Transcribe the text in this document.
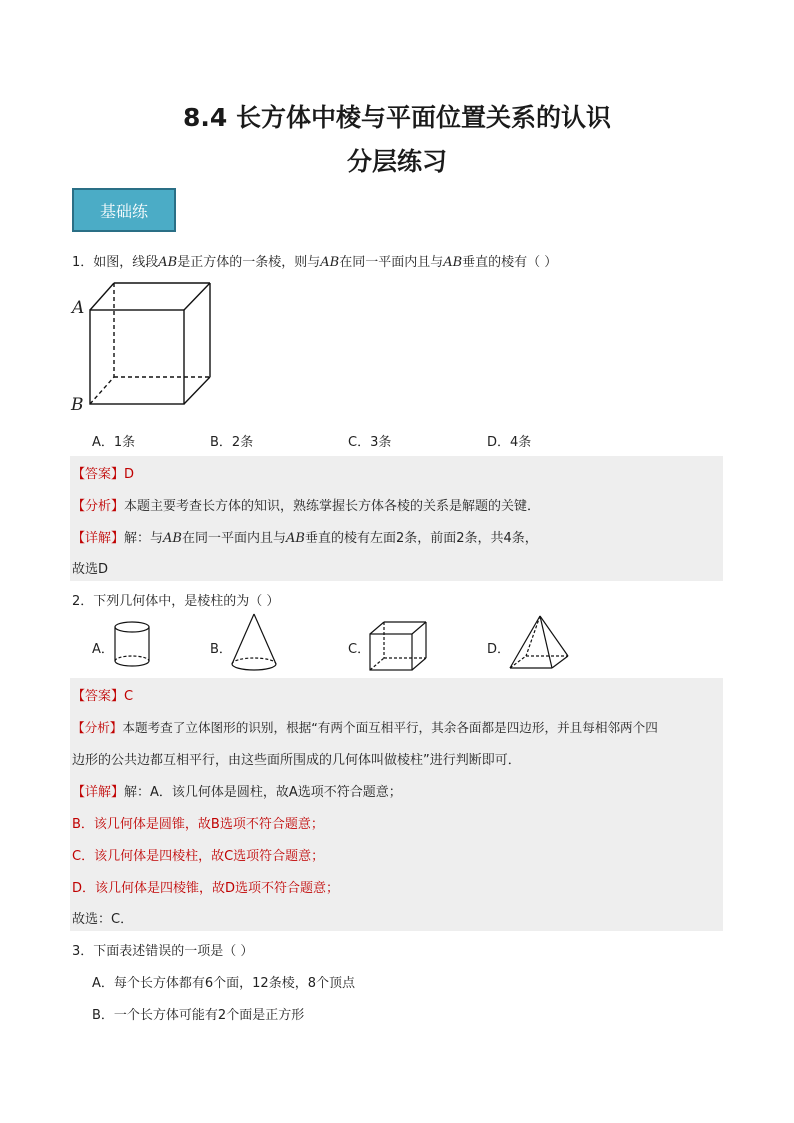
8.4 长方体中棱与平面位置关系的认识
分层练习
基础练
1．如图，线段AB是正方体的一条棱，则与AB在同一平面内且与AB垂直的棱有（ ）
A
B
A．1条	B．2条	C．3条	D．4条
【答案】D
【分析】本题主要考查长方体的知识，熟练掌握长方体各棱的关系是解题的关键．
【详解】解：与AB在同一平面内且与AB垂直的棱有左面2条，前面2条，共4条，
故选D
2．下列几何体中，是棱柱的为（ ）
A．	B．	C．	D．
【答案】C
【分析】本题考查了立体图形的识别，根据“有两个面互相平行，其余各面都是四边形，并且每相邻两个四
边形的公共边都互相平行，由这些面所围成的几何体叫做棱柱”进行判断即可．
【详解】解：A．该几何体是圆柱，故A选项不符合题意；
B．该几何体是圆锥，故B选项不符合题意；
C．该几何体是四棱柱，故C选项符合题意；
D．该几何体是四棱锥，故D选项不符合题意；
故选：C．
3．下面表述错误的一项是（ ）
A．每个长方体都有6个面，12条棱，8个顶点
B．一个长方体可能有2个面是正方形
